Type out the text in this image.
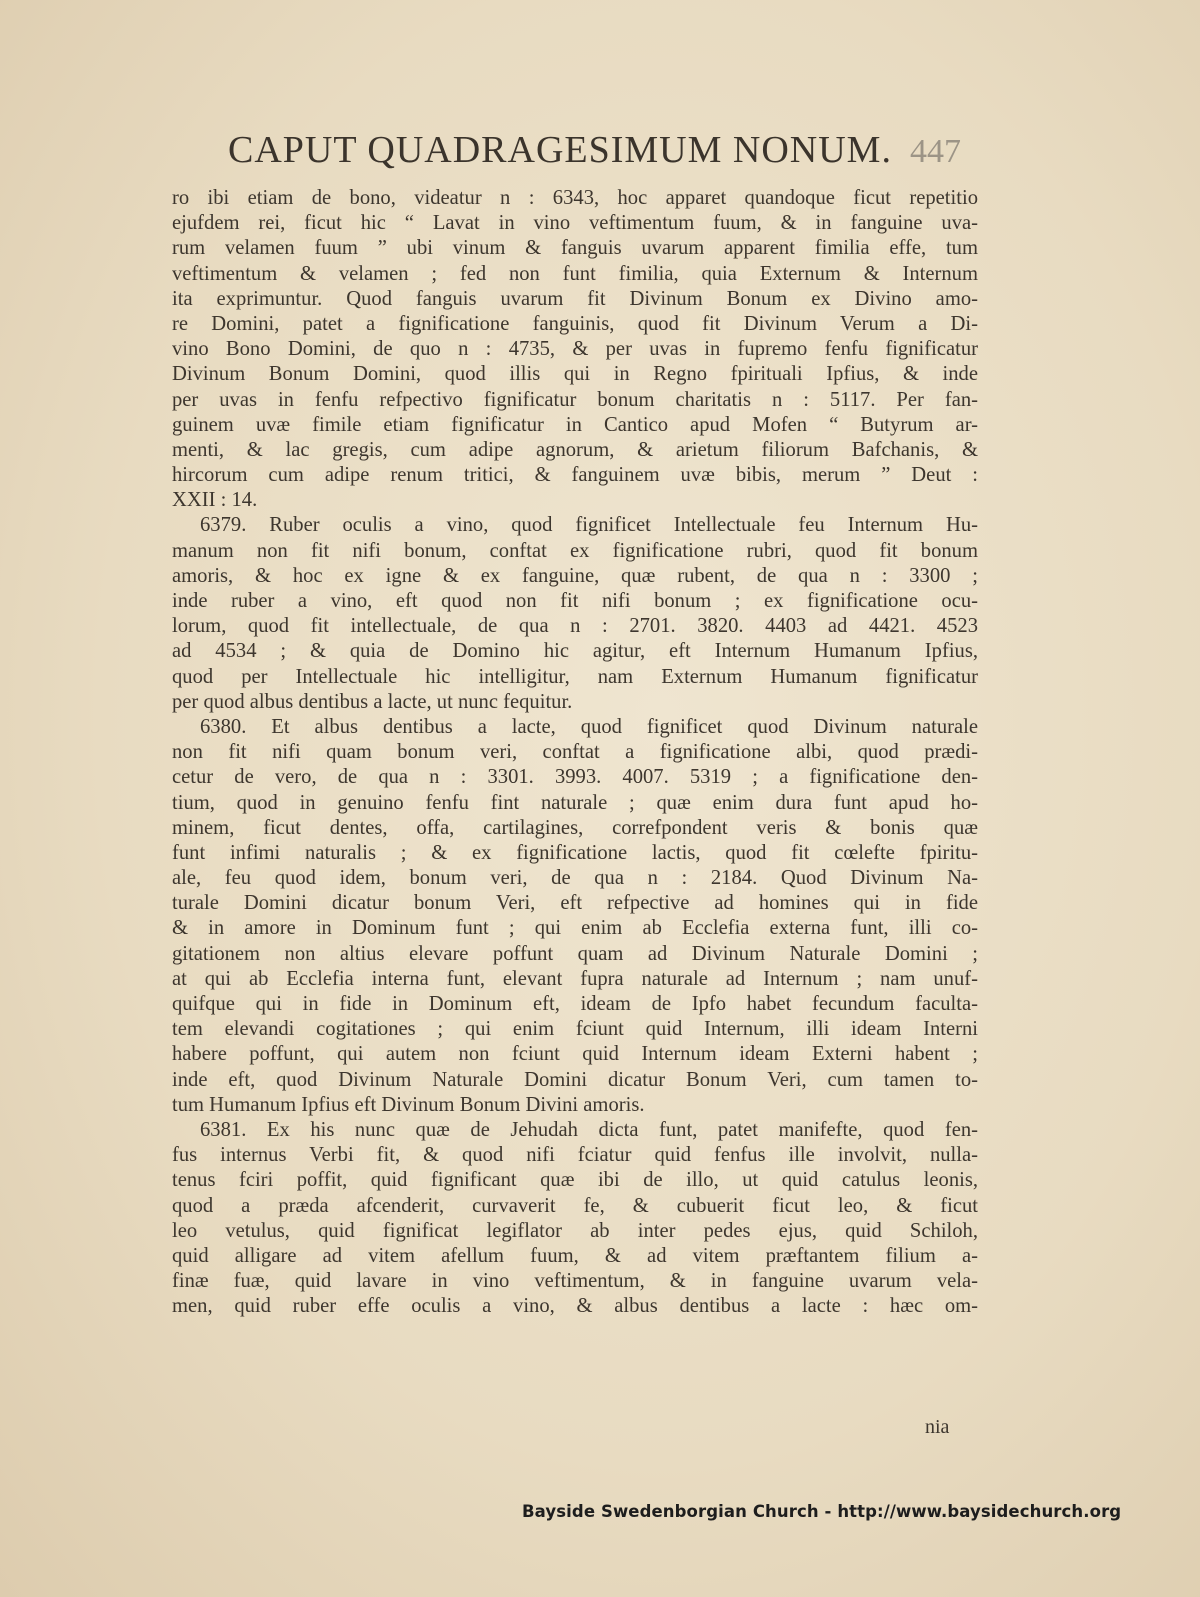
CAPUT QUADRAGESIMUM NONUM. 447
ro ibi etiam de bono, videatur n : 6343, hoc apparet quandoque ficut repetitio
ejufdem rei, ficut hic “ Lavat in vino veftimentum fuum, & in fanguine uva-
rum velamen fuum ” ubi vinum & fanguis uvarum apparent fimilia effe, tum
veftimentum & velamen ; fed non funt fimilia, quia Externum & Internum
ita exprimuntur. Quod fanguis uvarum fit Divinum Bonum ex Divino amo-
re Domini, patet a fignificatione fanguinis, quod fit Divinum Verum a Di-
vino Bono Domini, de quo n : 4735, & per uvas in fupremo fenfu fignificatur
Divinum Bonum Domini, quod illis qui in Regno fpirituali Ipfius, & inde
per uvas in fenfu refpectivo fignificatur bonum charitatis n : 5117. Per fan-
guinem uvæ fimile etiam fignificatur in Cantico apud Mofen “ Butyrum ar-
menti, & lac gregis, cum adipe agnorum, & arietum filiorum Bafchanis, &
hircorum cum adipe renum tritici, & fanguinem uvæ bibis, merum ” Deut :
XXII : 14.
6379. Ruber oculis a vino, quod fignificet Intellectuale feu Internum Hu-
manum non fit nifi bonum, conftat ex fignificatione rubri, quod fit bonum
amoris, & hoc ex igne & ex fanguine, quæ rubent, de qua n : 3300 ;
inde ruber a vino, eft quod non fit nifi bonum ; ex fignificatione ocu-
lorum, quod fit intellectuale, de qua n : 2701. 3820. 4403 ad 4421. 4523
ad 4534 ; & quia de Domino hic agitur, eft Internum Humanum Ipfius,
quod per Intellectuale hic intelligitur, nam Externum Humanum fignificatur
per quod albus dentibus a lacte, ut nunc fequitur.
6380. Et albus dentibus a lacte, quod fignificet quod Divinum naturale
non fit nifi quam bonum veri, conftat a fignificatione albi, quod prædi-
cetur de vero, de qua n : 3301. 3993. 4007. 5319 ; a fignificatione den-
tium, quod in genuino fenfu fint naturale ; quæ enim dura funt apud ho-
minem, ficut dentes, offa, cartilagines, correfpondent veris & bonis quæ
funt infimi naturalis ; & ex fignificatione lactis, quod fit cœlefte fpiritu-
ale, feu quod idem, bonum veri, de qua n : 2184. Quod Divinum Na-
turale Domini dicatur bonum Veri, eft refpective ad homines qui in fide
& in amore in Dominum funt ; qui enim ab Ecclefia externa funt, illi co-
gitationem non altius elevare poffunt quam ad Divinum Naturale Domini ;
at qui ab Ecclefia interna funt, elevant fupra naturale ad Internum ; nam unuf-
quifque qui in fide in Dominum eft, ideam de Ipfo habet fecundum faculta-
tem elevandi cogitationes ; qui enim fciunt quid Internum, illi ideam Interni
habere poffunt, qui autem non fciunt quid Internum ideam Externi habent ;
inde eft, quod Divinum Naturale Domini dicatur Bonum Veri, cum tamen to-
tum Humanum Ipfius eft Divinum Bonum Divini amoris.
6381. Ex his nunc quæ de Jehudah dicta funt, patet manifefte, quod fen-
fus internus Verbi fit, & quod nifi fciatur quid fenfus ille involvit, nulla-
tenus fciri poffit, quid fignificant quæ ibi de illo, ut quid catulus leonis,
quod a præda afcenderit, curvaverit fe, & cubuerit ficut leo, & ficut
leo vetulus, quid fignificat legiflator ab inter pedes ejus, quid Schiloh,
quid alligare ad vitem afellum fuum, & ad vitem præftantem filium a-
finæ fuæ, quid lavare in vino veftimentum, & in fanguine uvarum vela-
men, quid ruber effe oculis a vino, & albus dentibus a lacte : hæc om-
nia
Bayside Swedenborgian Church - http://www.baysidechurch.org
